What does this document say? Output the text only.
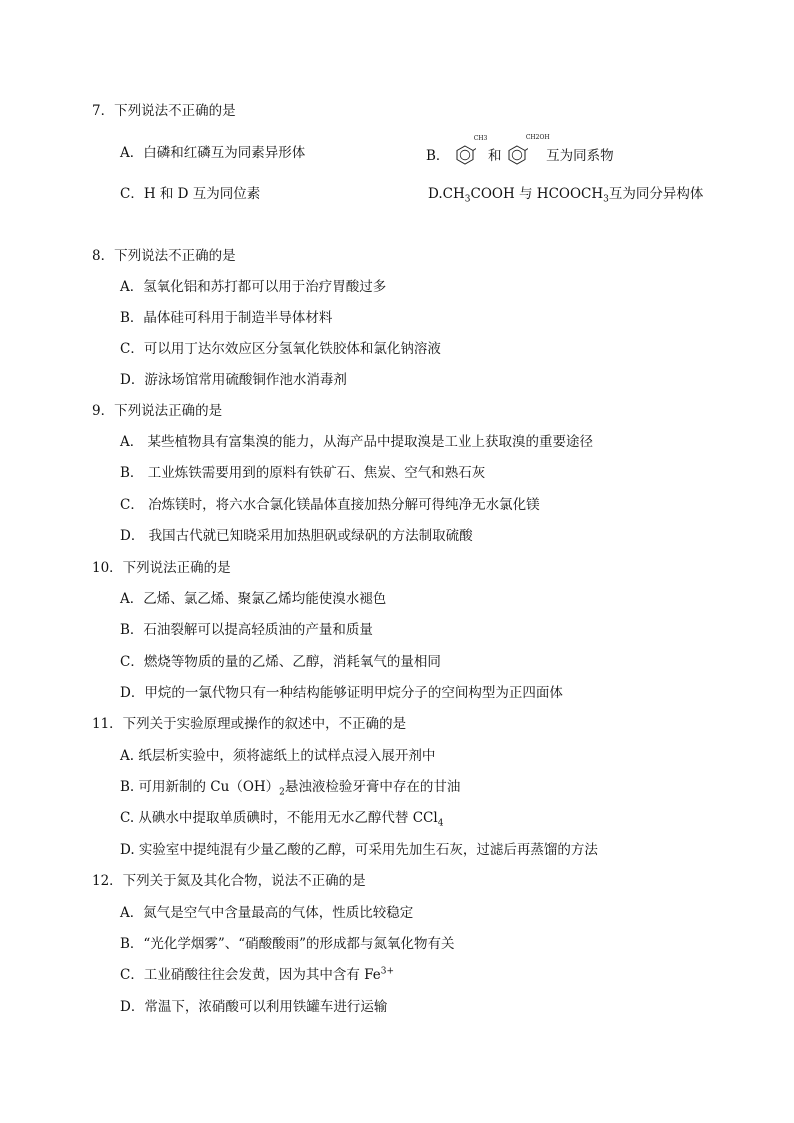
7．下列说法不正确的是
A．白磷和红磷互为同素异形体	B．
CH3
和
CH2OH
互为同系物
C．H 和 D 互为同位素	$D.CH_3COOH$ 与 $HCOOCH_3$互为同分异构体
8．下列说法不正确的是
A．氢氧化铝和苏打都可以用于治疗胃酸过多
B．晶体硅可科用于制造半导体材料
C．可以用丁达尔效应区分氢氧化铁胶体和氯化钠溶液
D．游泳场馆常用硫酸铜作池水消毒剂
9．下列说法正确的是
A． 某些植物具有富集溴的能力，从海产品中提取溴是工业上获取溴的重要途径
B． 工业炼铁需要用到的原料有铁矿石、焦炭、空气和熟石灰
C． 冶炼镁时，将六水合氯化镁晶体直接加热分解可得纯净无水氯化镁
D． 我国古代就已知晓采用加热胆矾或绿矾的方法制取硫酸
10．下列说法正确的是
A．乙烯、氯乙烯、聚氯乙烯均能使溴水褪色
B．石油裂解可以提高轻质油的产量和质量
C．燃烧等物质的量的乙烯、乙醇，消耗氧气的量相同
D．甲烷的一氯代物只有一种结构能够证明甲烷分子的空间构型为正四面体
11．下列关于实验原理或操作的叙述中，不正确的是
A. 纸层析实验中，须将滤纸上的试样点浸入展开剂中
B. 可用新制的 $Cu(OH)_2$悬浊液检验牙膏中存在的甘油
C. 从碘水中提取单质碘时，不能用无水乙醇代替 CCl$_4$
D. 实验室中提纯混有少量乙酸的乙醇，可采用先加生石灰，过滤后再蒸馏的方法
12．下列关于氮及其化合物，说法不正确的是
A．氮气是空气中含量最高的气体，性质比较稳定
B．“光化学烟雾”、“硝酸酸雨”的形成都与氮氧化物有关
C．工业硝酸往往会发黄，因为其中含有 $Fe^{3+}$
D．常温下，浓硝酸可以利用铁罐车进行运输
